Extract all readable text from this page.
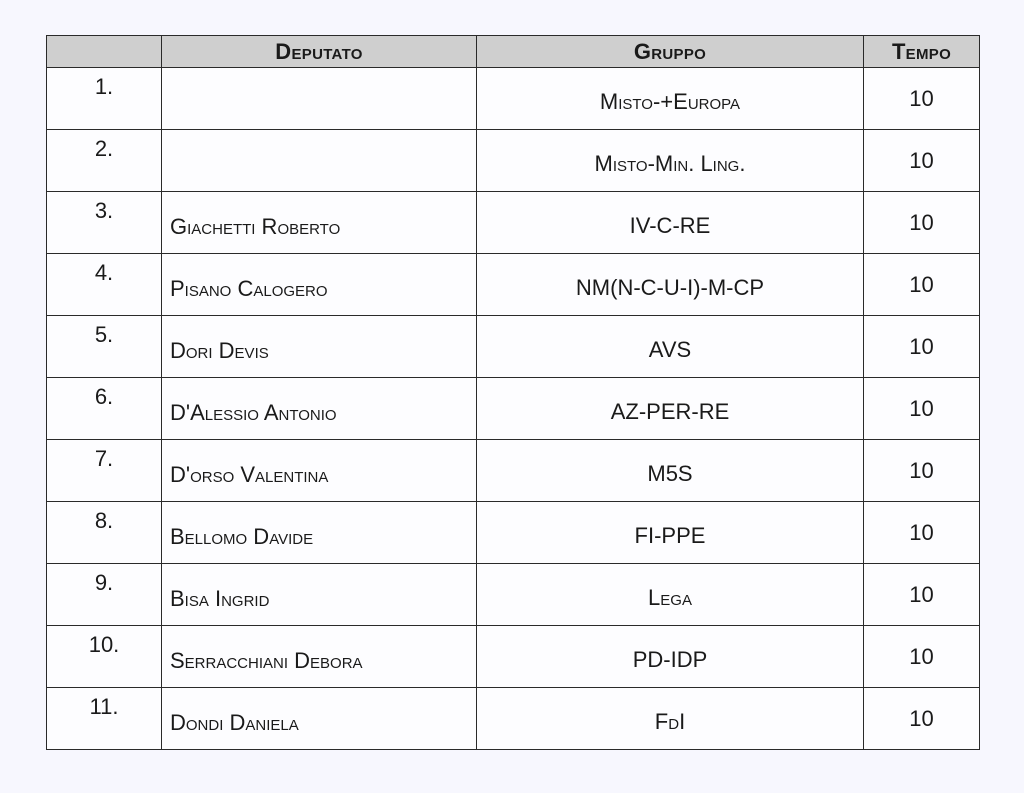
	Deputato	Gruppo	Tempo
1.		Misto-+Europa	10
2.		Misto-Min. Ling.	10
3.	Giachetti Roberto	IV-C-RE	10
4.	Pisano Calogero	NM(N-C-U-I)-M-CP	10
5.	Dori Devis	AVS	10
6.	D'Alessio Antonio	AZ-PER-RE	10
7.	D'orso Valentina	M5S	10
8.	Bellomo Davide	FI-PPE	10
9.	Bisa Ingrid	Lega	10
10.	Serracchiani Debora	PD-IDP	10
11.	Dondi Daniela	FdI	10
